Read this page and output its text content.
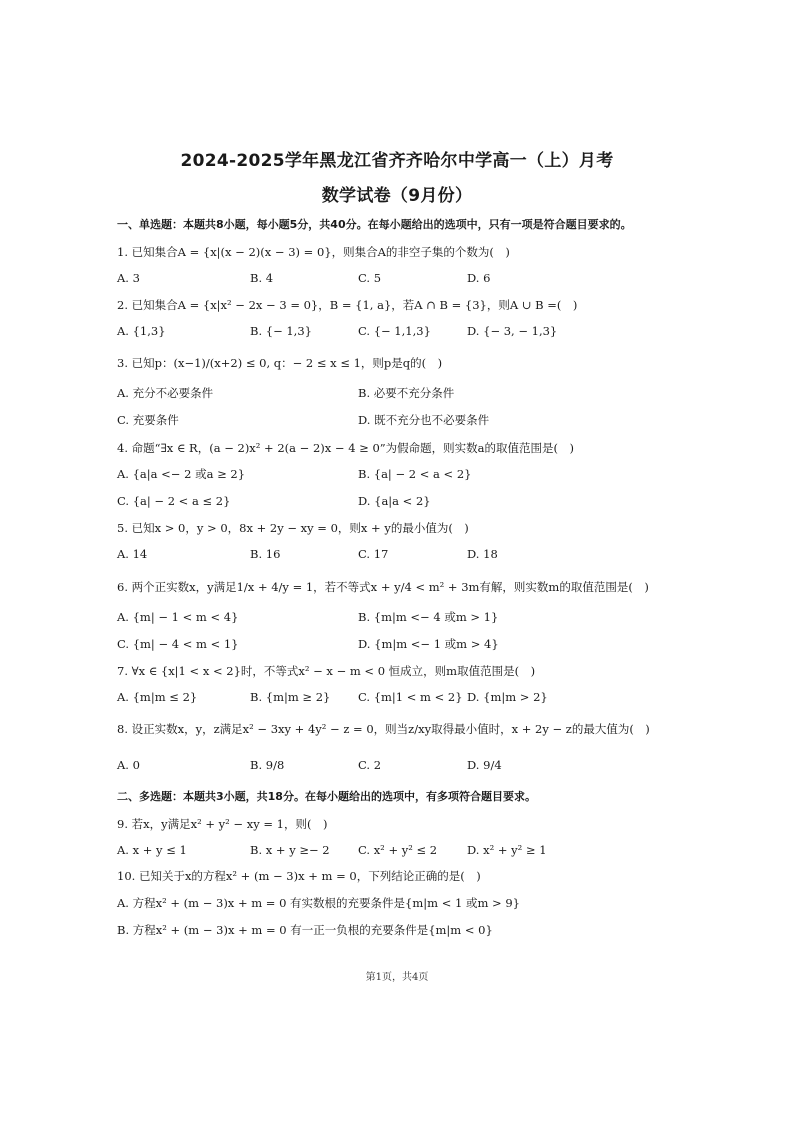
2024-2025学年黑龙江省齐齐哈尔中学高一（上）月考
数学试卷（9月份）
一、单选题：本题共8小题，每小题5分，共40分。在每小题给出的选项中，只有一项是符合题目要求的。
1. 已知集合A = {x|(x − 2)(x − 3) = 0}，则集合A的非空子集的个数为(　)
A. 3	B. 4	C. 5	D. 6
2. 已知集合A = {x|x² − 2x − 3 = 0}，B = {1, a}，若A ∩ B = {3}，则A ∪ B =(　)
A. {1,3}	B. {− 1,3}	C. {− 1,1,3}	D. {− 3, − 1,3}
3. 已知p：(x−1)/(x+2) ≤ 0, q：− 2 ≤ x ≤ 1，则p是q的(　)
A. 充分不必要条件	B. 必要不充分条件
C. 充要条件	D. 既不充分也不必要条件
4. 命题“∃x ∈ R，(a − 2)x² + 2(a − 2)x − 4 ≥ 0”为假命题，则实数a的取值范围是(　)
A. {a|a <− 2 或a ≥ 2}	B. {a| − 2 < a < 2}
C. {a| − 2 < a ≤ 2}	D. {a|a < 2}
5. 已知x > 0，y > 0，8x + 2y − xy = 0，则x + y的最小值为(　)
A. 14	B. 16	C. 17	D. 18
6. 两个正实数x，y满足1/x + 4/y = 1，若不等式x + y/4 < m² + 3m有解，则实数m的取值范围是(　)
A. {m| − 1 < m < 4}	B. {m|m <− 4 或m > 1}
C. {m| − 4 < m < 1}	D. {m|m <− 1 或m > 4}
7. ∀x ∈ {x|1 < x < 2}时，不等式x² − x − m < 0 恒成立，则m取值范围是(　)
A. {m|m ≤ 2}	B. {m|m ≥ 2} C. {m|1 < m < 2} D. {m|m > 2}
8. 设正实数x，y，z满足x² − 3xy + 4y² − z = 0，则当z/xy取得最小值时，x + 2y − z的最大值为(　)
A. 0	B. 9/8	C. 2	D. 9/4
二、多选题：本题共3小题，共18分。在每小题给出的选项中，有多项符合题目要求。
9. 若x，y满足x² + y² − xy = 1，则(　)
A. x + y ≤ 1	B. x + y ≥− 2 C. x² + y² ≤ 2	D. x² + y² ≥ 1
10. 已知关于x的方程x² + (m − 3)x + m = 0，下列结论正确的是(　)
A. 方程x² + (m − 3)x + m = 0 有实数根的充要条件是{m|m < 1 或m > 9}
B. 方程x² + (m − 3)x + m = 0 有一正一负根的充要条件是{m|m < 0}
第1页，共4页
